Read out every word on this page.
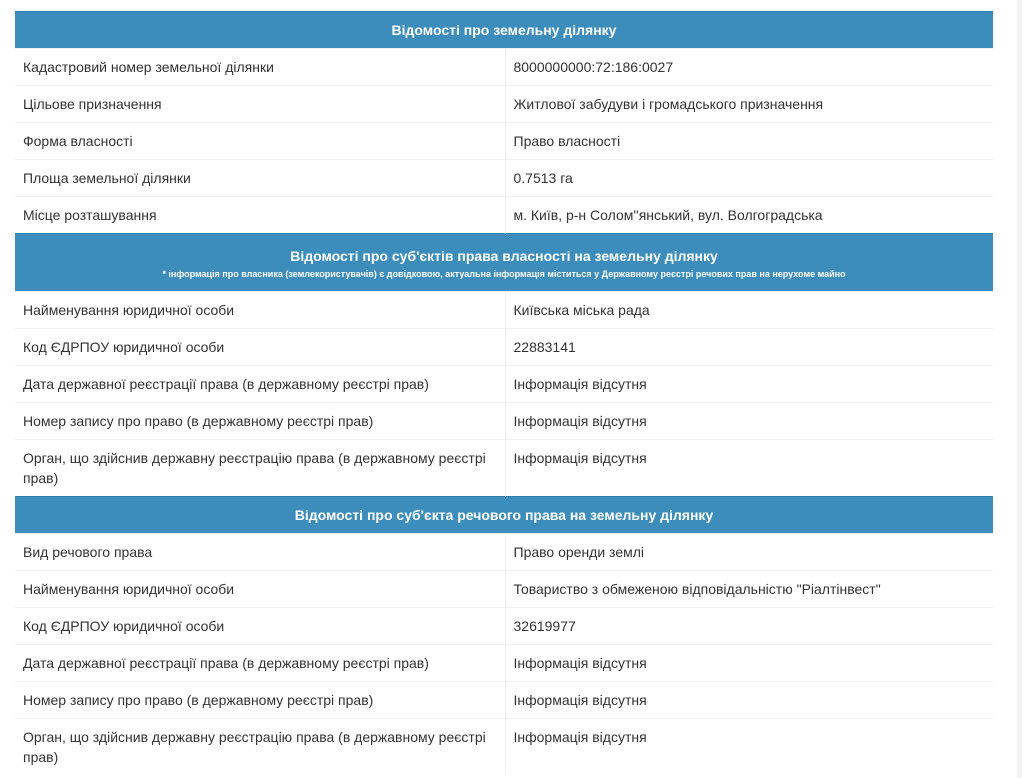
Відомості про земельну ділянку	
Кадастровий номер земельної ділянки	8000000000:72:186:0027
Цільове призначення	Житлової забудуви і громадського призначення
Форма власності	Право власності
Площа земельної ділянки	0.7513 га
Місце розташування	м. Київ, р-н Солом''янський, вул. Волгоградська
Відомості про суб'єктів права власності на земельну ділянку
* інформація про власника (землекористувачів) є довідковою, актуальна інформація міститься у Державному реєстрі речових прав на нерухоме майно	

Найменування юридичної особи	Київська міська рада
Код ЄДРПОУ юридичної особи	22883141
Дата державної реєстрації права (в державному реєстрі прав)	Інформація відсутня
Номер запису про право (в державному реєстрі прав)	Інформація відсутня
Орган, що здійснив державну реєстрацію права (в державному реєстрі прав)	Інформація відсутня
Відомості про суб'єкта речового права на земельну ділянку	
Вид речового права	Право оренди землі
Найменування юридичної особи	Товариство з обмеженою відповідальністю "Ріалтінвест"
Код ЄДРПОУ юридичної особи	32619977
Дата державної реєстрації права (в державному реєстрі прав)	Інформація відсутня
Номер запису про право (в державному реєстрі прав)	Інформація відсутня
Орган, що здійснив державну реєстрацію права (в державному реєстрі прав)	Інформація відсутня
